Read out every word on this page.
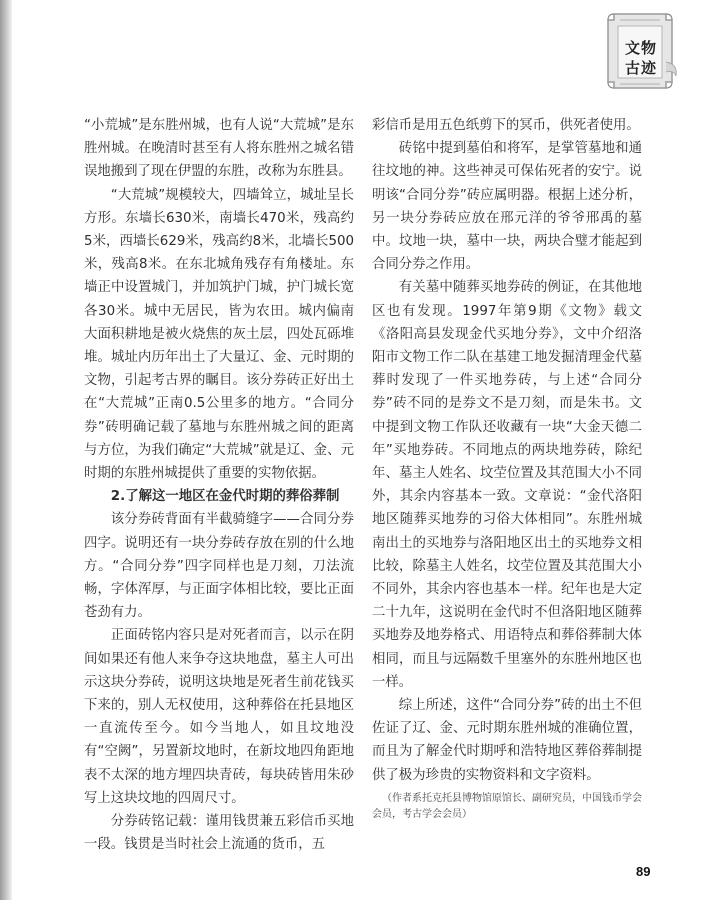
文物
古迹

“小荒城”是东胜州城，也有人说“大荒城”是东胜州城。在晚清时甚至有人将东胜州之城名错误地搬到了现在伊盟的东胜，改称为东胜县。

“大荒城”规模较大，四墙耸立，城址呈长方形。东墙长630米，南墙长470米，残高约5米，西墙长629米，残高约8米，北墙长500米，残高8米。在东北城角残存有角楼址。东墙正中设置城门，并加筑护门城，护门城长宽各30米。城中无居民，皆为农田。城内偏南大面积耕地是被火烧焦的灰土层，四处瓦砾堆堆。城址内历年出土了大量辽、金、元时期的文物，引起考古界的瞩目。该分券砖正好出土在“大荒城”正南0.5公里多的地方。“合同分券”砖明确记载了墓地与东胜州城之间的距离与方位，为我们确定“大荒城”就是辽、金、元时期的东胜州城提供了重要的实物依据。

2.了解这一地区在金代时期的葬俗葬制

该分券砖背面有半截骑缝字——合同分券四字。说明还有一块分券砖存放在别的什么地方。“合同分券”四字同样也是刀刻，刀法流畅，字体浑厚，与正面字体相比较，要比正面苍劲有力。

正面砖铭内容只是对死者而言，以示在阴间如果还有他人来争夺这块地盘，墓主人可出示这块分券砖，说明这块地是死者生前花钱买下来的，别人无权使用，这种葬俗在托县地区一直流传至今。如今当地人，如且坟地没有“空阙”，另置新坟地时，在新坟地四角距地表不太深的地方埋四块青砖，每块砖皆用朱砂写上这块坟地的四周尺寸。

分券砖铭记载：谨用钱贯兼五彩信币买地一段。钱贯是当时社会上流通的货币，五

彩信币是用五色纸剪下的冥币，供死者使用。

砖铭中提到墓伯和将军，是掌管墓地和通往坟地的神。这些神灵可保佑死者的安宁。说明该“合同分券”砖应属明器。根据上述分析，另一块分券砖应放在邢元洋的爷爷邢禹的墓中。坟地一块，墓中一块，两块合璧才能起到合同分券之作用。

有关墓中随葬买地券砖的例证，在其他地区也有发现。1997年第9期《文物》载文《洛阳高县发现金代买地分券》，文中介绍洛阳市文物工作二队在基建工地发掘清理金代墓葬时发现了一件买地券砖，与上述“合同分券”砖不同的是券文不是刀刻，而是朱书。文中提到文物工作队还收藏有一块“大金天德二年”买地券砖。不同地点的两块地券砖，除纪年、墓主人姓名、坟茔位置及其范围大小不同外，其余内容基本一致。文章说：“金代洛阳地区随葬买地券的习俗大体相同”。东胜州城南出土的买地券与洛阳地区出土的买地券文相比较，除墓主人姓名，坟茔位置及其范围大小不同外，其余内容也基本一样。纪年也是大定二十九年，这说明在金代时不但洛阳地区随葬买地券及地券格式、用语特点和葬俗葬制大体相同，而且与远隔数千里塞外的东胜州地区也一样。

综上所述，这件“合同分券”砖的出土不但佐证了辽、金、元时期东胜州城的准确位置，而且为了解金代时期呼和浩特地区葬俗葬制提供了极为珍贵的实物资料和文字资料。

（作者系托克托县博物馆原馆长、副研究员，中国钱币学会会员，考古学会会员）

89
